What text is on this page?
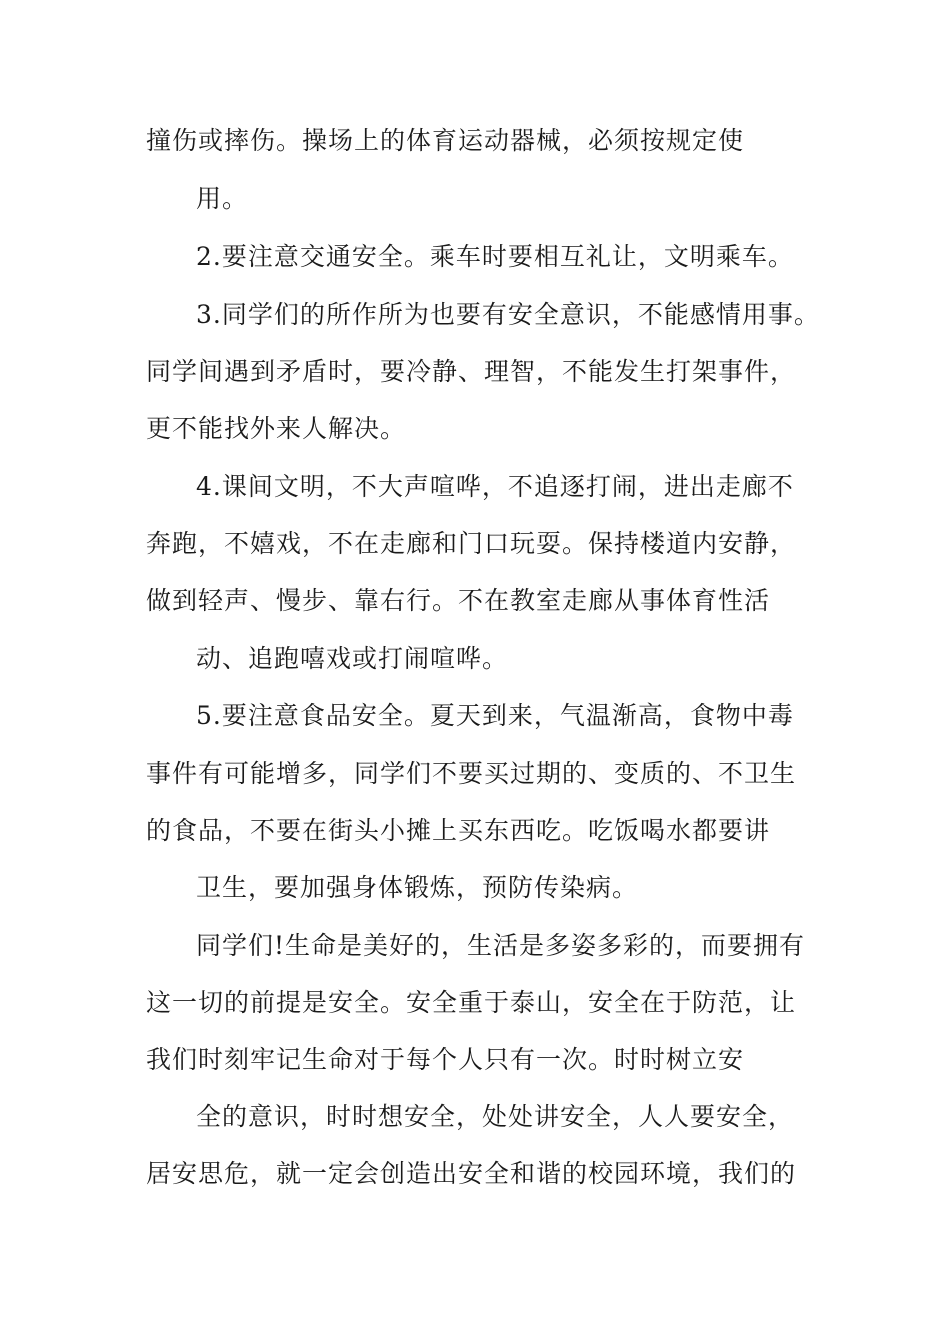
撞伤或摔伤。操场上的体育运动器械，必须按规定使
用。
2.要注意交通安全。乘车时要相互礼让，文明乘车。
3.同学们的所作所为也要有安全意识，不能感情用事。
同学间遇到矛盾时，要冷静、理智，不能发生打架事件，
更不能找外来人解决。
4.课间文明，不大声喧哗，不追逐打闹，进出走廊不
奔跑，不嬉戏，不在走廊和门口玩耍。保持楼道内安静，
做到轻声、慢步、靠右行。不在教室走廊从事体育性活
动、追跑嘻戏或打闹喧哗。
5.要注意食品安全。夏天到来，气温渐高，食物中毒
事件有可能增多，同学们不要买过期的、变质的、不卫生
的食品，不要在街头小摊上买东西吃。吃饭喝水都要讲
卫生，要加强身体锻炼，预防传染病。
同学们!生命是美好的，生活是多姿多彩的，而要拥有
这一切的前提是安全。安全重于泰山，安全在于防范，让
我们时刻牢记生命对于每个人只有一次。时时树立安
全的意识，时时想安全，处处讲安全，人人要安全，
居安思危，就一定会创造出安全和谐的校园环境，我们的
